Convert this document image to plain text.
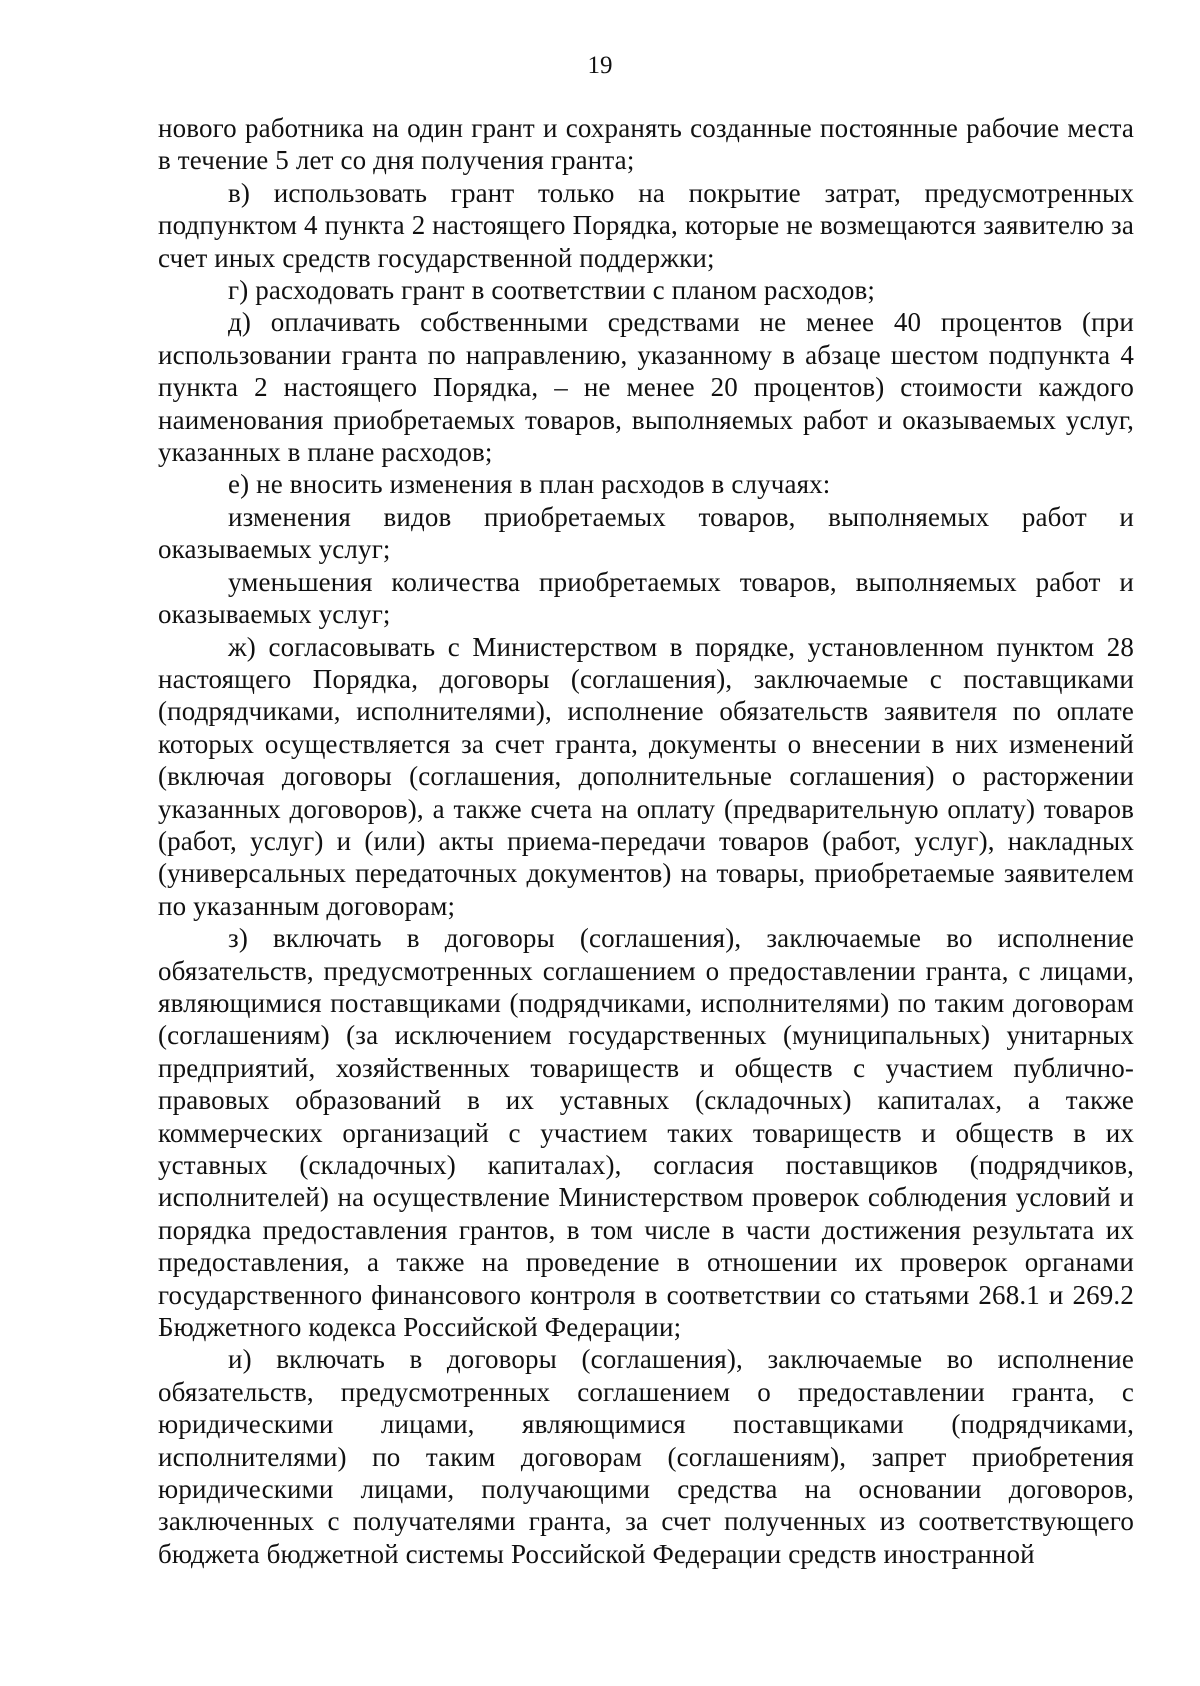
19

нового работника на один грант и сохранять созданные постоянные рабочие места в течение 5 лет со дня получения гранта;

в) использовать грант только на покрытие затрат, предусмотренных подпунктом 4 пункта 2 настоящего Порядка, которые не возмещаются заявителю за счет иных средств государственной поддержки;

г) расходовать грант в соответствии с планом расходов;

д) оплачивать собственными средствами не менее 40 процентов (при использовании гранта по направлению, указанному в абзаце шестом подпункта 4 пункта 2 настоящего Порядка, – не менее 20 процентов) стоимости каждого наименования приобретаемых товаров, выполняемых работ и оказываемых услуг, указанных в плане расходов;

е) не вносить изменения в план расходов в случаях:

изменения видов приобретаемых товаров, выполняемых работ и оказываемых услуг;

уменьшения количества приобретаемых товаров, выполняемых работ и оказываемых услуг;

ж) согласовывать с Министерством в порядке, установленном пунктом 28 настоящего Порядка, договоры (соглашения), заключаемые с поставщиками (подрядчиками, исполнителями), исполнение обязательств заявителя по оплате которых осуществляется за счет гранта, документы о внесении в них изменений (включая договоры (соглашения, дополнительные соглашения) о расторжении указанных договоров), а также счета на оплату (предварительную оплату) товаров (работ, услуг) и (или) акты приема-передачи товаров (работ, услуг), накладных (универсальных передаточных документов) на товары, приобретаемые заявителем по указанным договорам;

з) включать в договоры (соглашения), заключаемые во исполнение обязательств, предусмотренных соглашением о предоставлении гранта, с лицами, являющимися поставщиками (подрядчиками, исполнителями) по таким договорам (соглашениям) (за исключением государственных (муниципальных) унитарных предприятий, хозяйственных товариществ и обществ с участием публично-правовых образований в их уставных (складочных) капиталах, а также коммерческих организаций с участием таких товариществ и обществ в их уставных (складочных) капиталах), согласия поставщиков (подрядчиков, исполнителей) на осуществление Министерством проверок соблюдения условий и порядка предоставления грантов, в том числе в части достижения результата их предоставления, а также на проведение в отношении их проверок органами государственного финансового контроля в соответствии со статьями 268.1 и 269.2 Бюджетного кодекса Российской Федерации;

и) включать в договоры (соглашения), заключаемые во исполнение обязательств, предусмотренных соглашением о предоставлении гранта, с юридическими лицами, являющимися поставщиками (подрядчиками, исполнителями) по таким договорам (соглашениям), запрет приобретения юридическими лицами, получающими средства на основании договоров, заключенных с получателями гранта, за счет полученных из соответствующего бюджета бюджетной системы Российской Федерации средств иностранной
